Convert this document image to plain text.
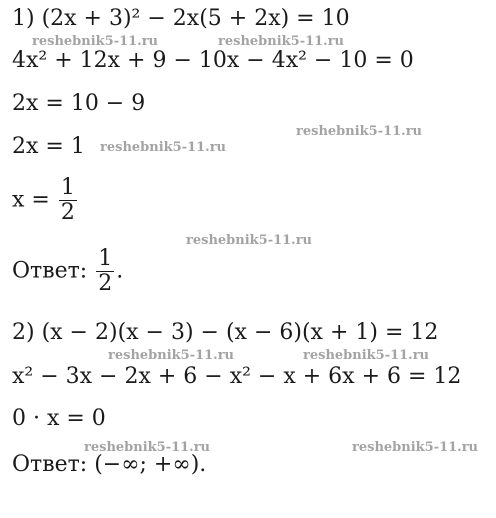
1) (2x + 3)² − 2x(5 + 2x) = 10
4x² + 12x + 9 − 10x − 4x² − 10 = 0
2x = 10 − 9
2x = 1
$x = \frac{1}{2}$
Ответ: $\frac{1}{2}$ .
2) (x − 2)(x − 3) − (x − 6)(x + 1) = 12
x² − 3x − 2x + 6 − x² − x + 6x + 6 = 12
0 · x = 0
Ответ: (−∞; +∞).
reshebnik5-11.ru	reshebnik5-11.ru
reshebnik5-11.ru
reshebnik5-11.ru
reshebnik5-11.ru
reshebnik5-11.ru	reshebnik5-11.ru
reshebnik5-11.ru	reshebnik5-11.ru
